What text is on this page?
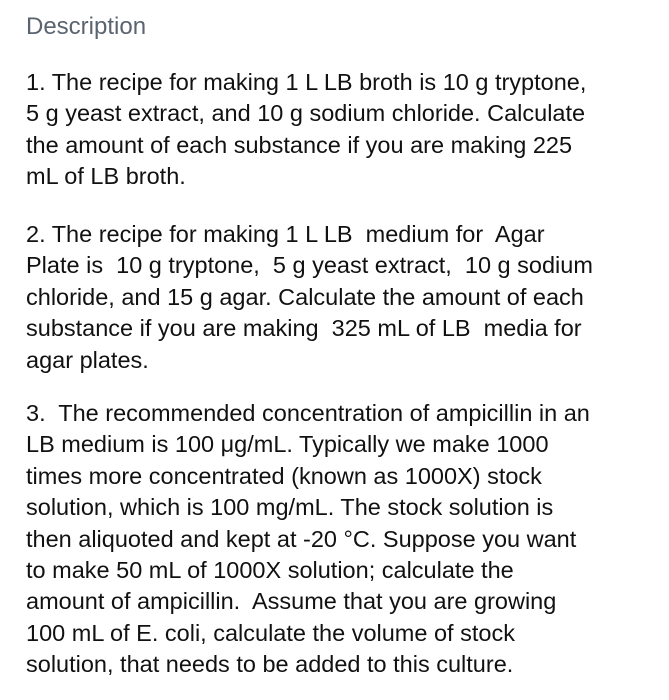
Description
1. The recipe for making 1 L LB broth is 10 g tryptone,
5 g yeast extract, and 10 g sodium chloride. Calculate
the amount of each substance if you are making 225
mL of LB broth.
2. The recipe for making 1 L LB  medium for  Agar
Plate is  10 g tryptone,  5 g yeast extract,  10 g sodium
chloride, and 15 g agar. Calculate the amount of each
substance if you are making  325 mL of LB  media for
agar plates.
3.  The recommended concentration of ampicillin in an
LB medium is 100 μg/mL. Typically we make 1000
times more concentrated (known as 1000X) stock
solution, which is 100 mg/mL. The stock solution is
then aliquoted and kept at -20 °C. Suppose you want
to make 50 mL of 1000X solution; calculate the
amount of ampicillin.  Assume that you are growing
100 mL of E. coli, calculate the volume of stock
solution, that needs to be added to this culture.
